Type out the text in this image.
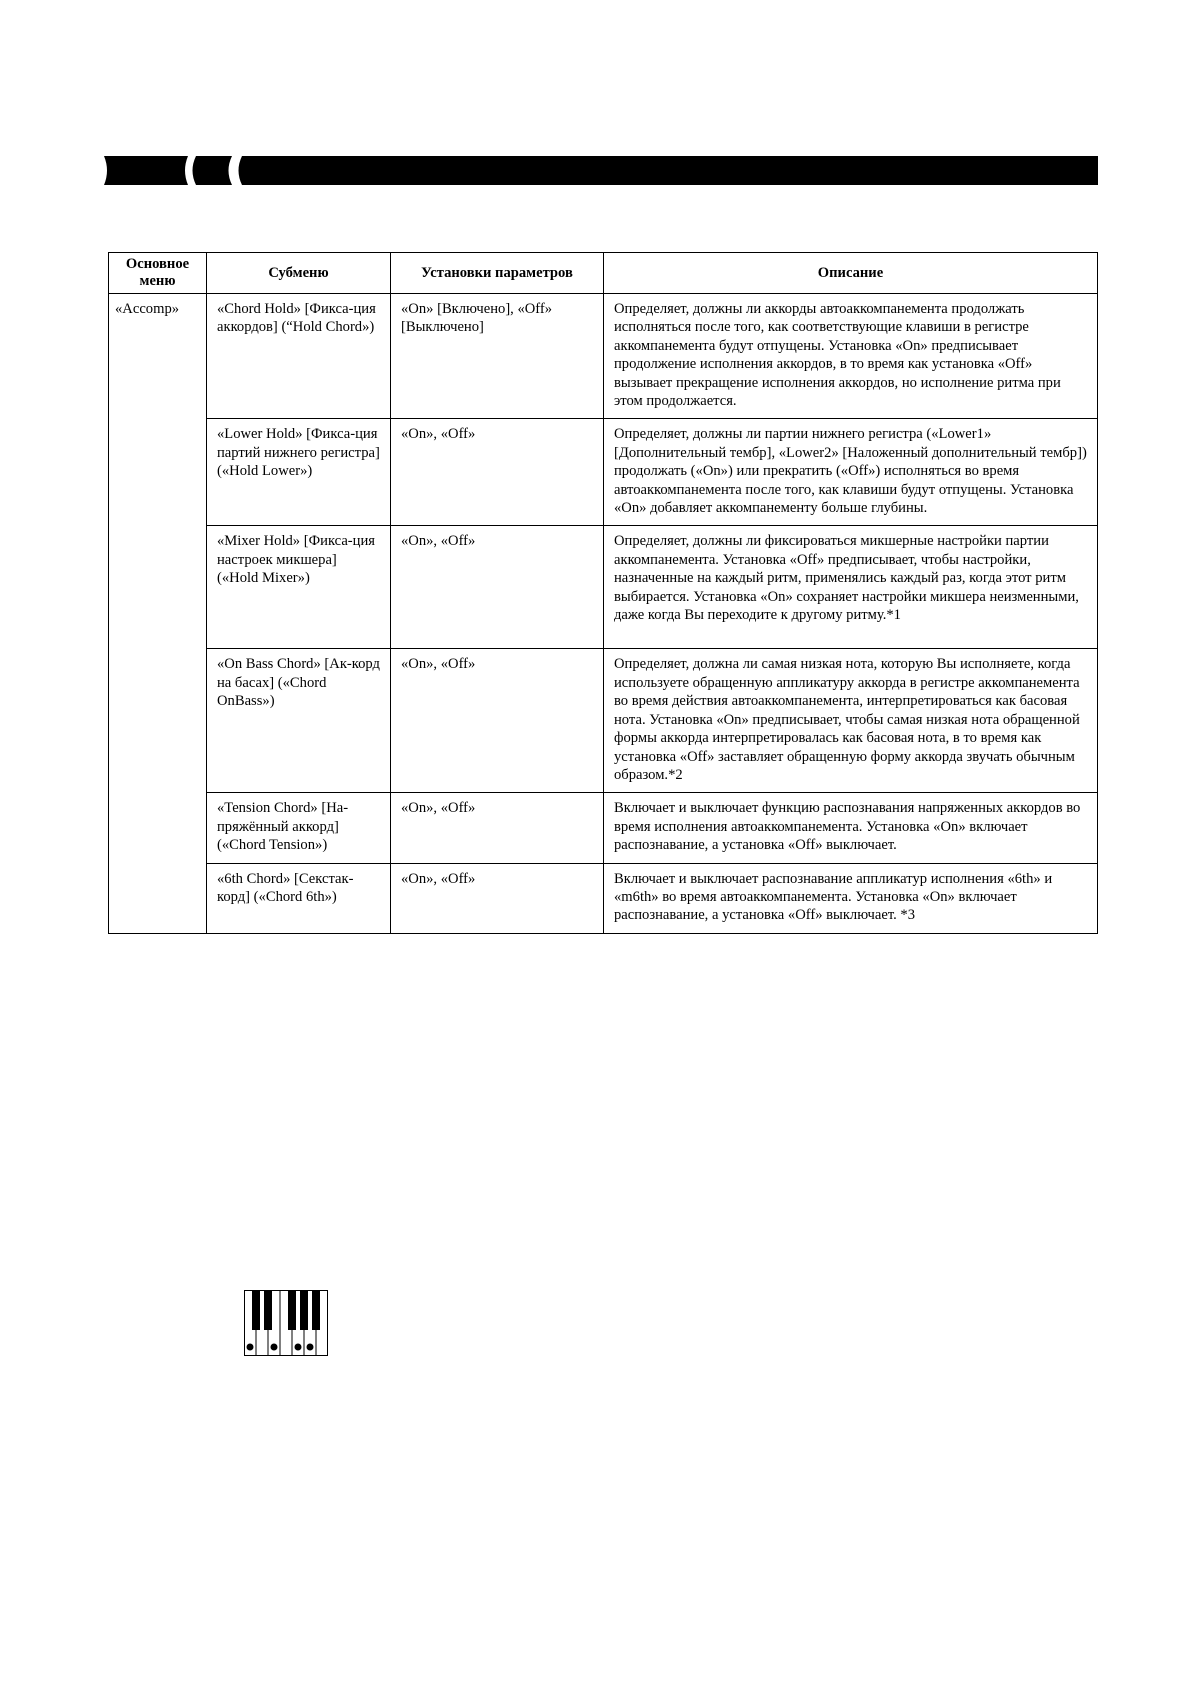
Основное меню	Субменю	Установки параметров	Описание
«Accomp»	«Chord Hold» [Фикса-ция аккордов] (“Hold Chord»)	«On» [Включено], «Off» [Выключено]	Определяет, должны ли аккорды автоаккомпанемента продолжать исполняться после того, как соответствующие клавиши в регистре аккомпанемента будут отпущены. Установка «On» предписывает продолжение исполнения аккордов, в то время как установка «Off» вызывает прекращение исполнения аккордов, но исполнение ритма при этом продолжается.
	«Lower Hold» [Фикса-ция партий нижнего регистра] («Hold Lower»)	«On», «Off»	Определяет, должны ли партии нижнего регистра («Lower1» [Дополнительный тембр], «Lower2» [Наложенный дополнительный тембр]) продолжать («On») или прекратить («Off») исполняться во время автоаккомпанемента после того, как клавиши будут отпущены. Установка «On» добавляет аккомпанементу больше глубины.
	«Mixer Hold» [Фикса-ция настроек микшера] («Hold Mixer»)	«On», «Off»	Определяет, должны ли фиксироваться микшерные настройки партии аккомпанемента. Установка «Off» предписывает, чтобы настройки, назначенные на каждый ритм, применялись каждый раз, когда этот ритм выбирается. Установка «On» сохраняет настройки микшера неизменными, даже когда Вы переходите к другому ритму.*1
	«On Bass Chord» [Ак-корд на басах] («Chord OnBass»)	«On», «Off»	Определяет, должна ли самая низкая нота, которую Вы исполняете, когда используете обращенную аппликатуру аккорда в регистре аккомпанемента во время действия автоаккомпанемента, интерпретироваться как басовая нота. Установка «On» предписывает, чтобы самая низкая нота обращенной формы аккорда интерпретировалась как басовая нота, в то время как установка «Off» заставляет обращенную форму аккорда звучать обычным образом.*2
	«Tension Chord» [На-пряжённый аккорд] («Chord Tension»)	«On», «Off»	Включает и выключает функцию распознавания напряженных аккордов во время исполнения автоаккомпанемента. Установка «On» включает распознавание, а установка «Off» выключает.
	«6th Chord» [Секстак-корд] («Chord 6th»)	«On», «Off»	Включает и выключает распознавание аппликатур исполнения «6th» и «m6th» во время автоаккомпанемента. Установка «On» включает распознавание, а установка «Off» выключает. *3
